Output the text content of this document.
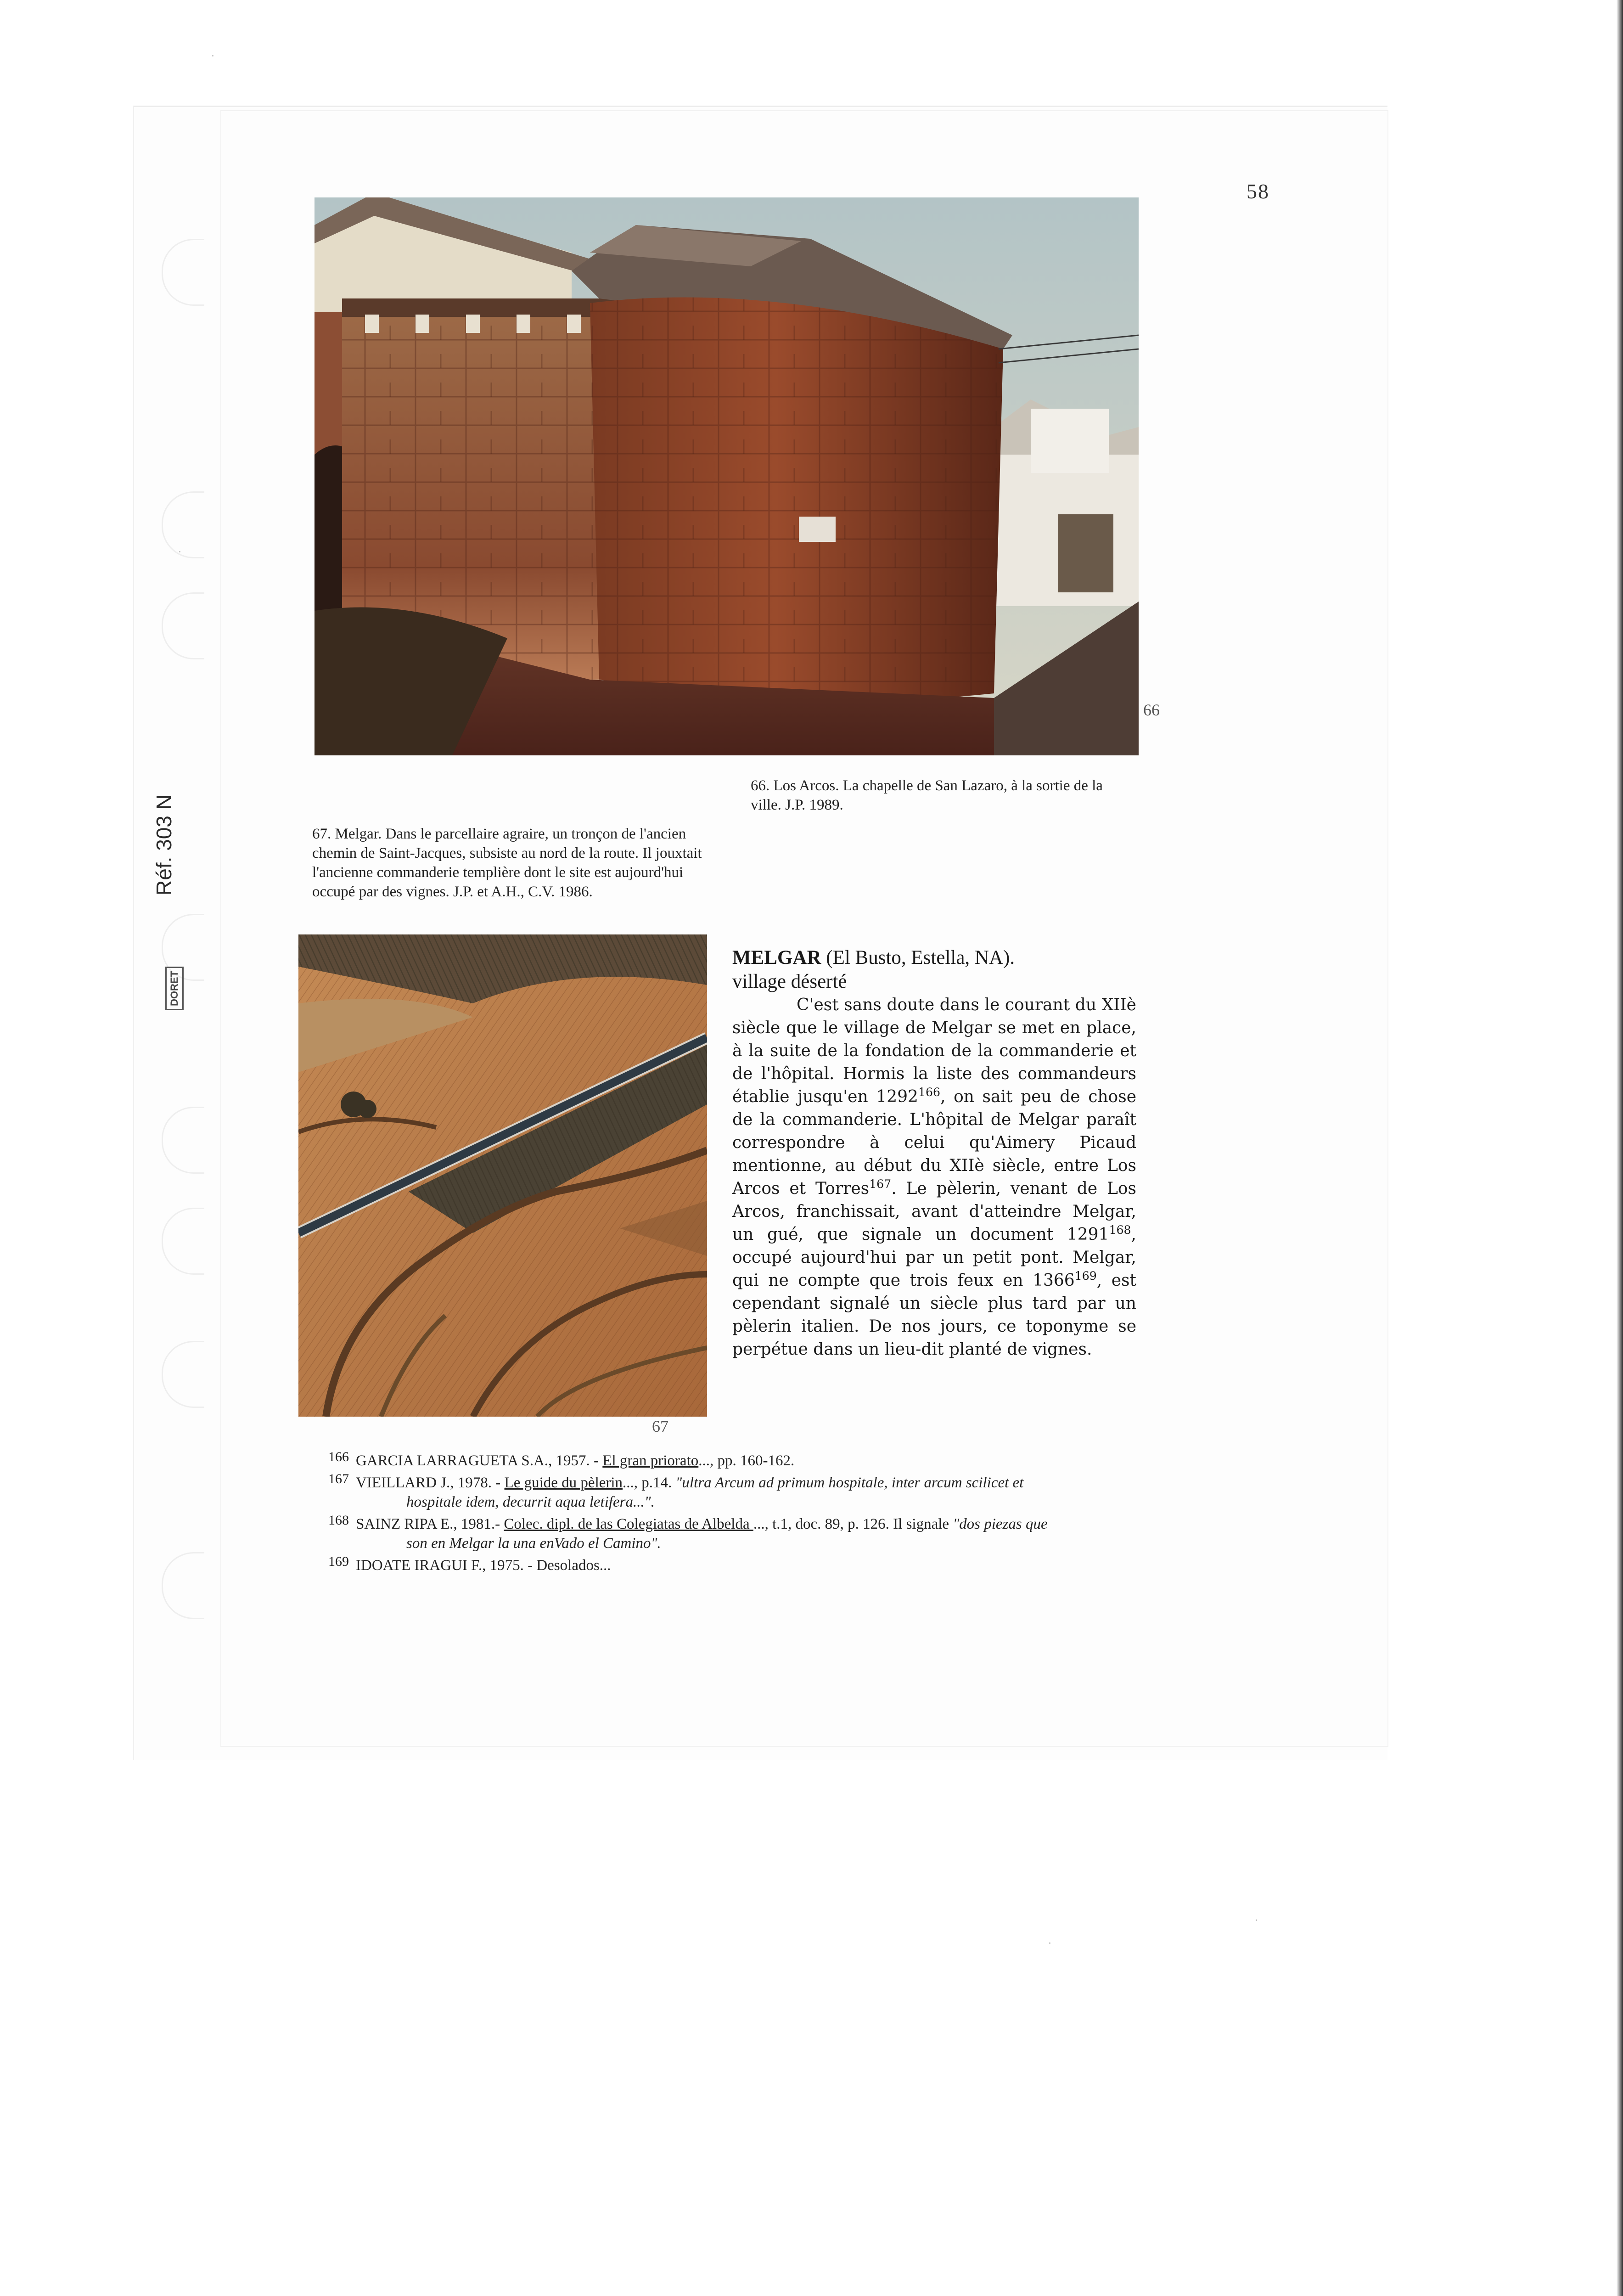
Réf. 303 N
DORET
58
66
66. Los Arcos. La chapelle de San Lazaro, à la sortie de la ville. J.P. 1989.
67. Melgar. Dans le parcellaire agraire, un tronçon de l'ancien chemin de Saint-Jacques, subsiste au nord de la route. Il jouxtait l'ancienne commanderie templière dont le site est aujourd'hui occupé par des vignes. J.P. et A.H., C.V. 1986.
67
MELGAR (El Busto, Estella, NA).
village déserté

C'est sans doute dans le courant du XIIè siècle que le village de Melgar se met en place, à la suite de la fondation de la commanderie et de l'hôpital. Hormis la liste des commandeurs établie jusqu'en 1292$^{166}$, on sait peu de chose de la commanderie. L'hôpital de Melgar paraît correspondre à celui qu'Aimery Picaud mentionne, au début du XIIè siècle, entre Los Arcos et Torres$^{167}$. Le pèlerin, venant de Los Arcos, franchissait, avant d'atteindre Melgar, un gué, que signale un document 1291$^{168}$, occupé aujourd'hui par un petit pont. Melgar, qui ne compte que trois feux en 1366$^{169}$, est cependant signalé un siècle plus tard par un pèlerin italien. De nos jours, ce toponyme se perpétue dans un lieu-dit planté de vignes.

166 GARCIA LARRAGUETA S.A., 1957. - El gran priorato..., pp. 160-162.
167 VIEILLARD J., 1978. - Le guide du pèlerin..., p.14. "ultra Arcum ad primum hospitale, inter arcum scilicet et
hospitale idem, decurrit aqua letifera...".
168 SAINZ RIPA E., 1981.- Colec. dipl. de las Colegiatas de Albelda ..., t.1, doc. 89, p. 126. Il signale "dos piezas que
son en Melgar la una enVado el Camino".
169 IDOATE IRAGUI F., 1975. - Desolados...
